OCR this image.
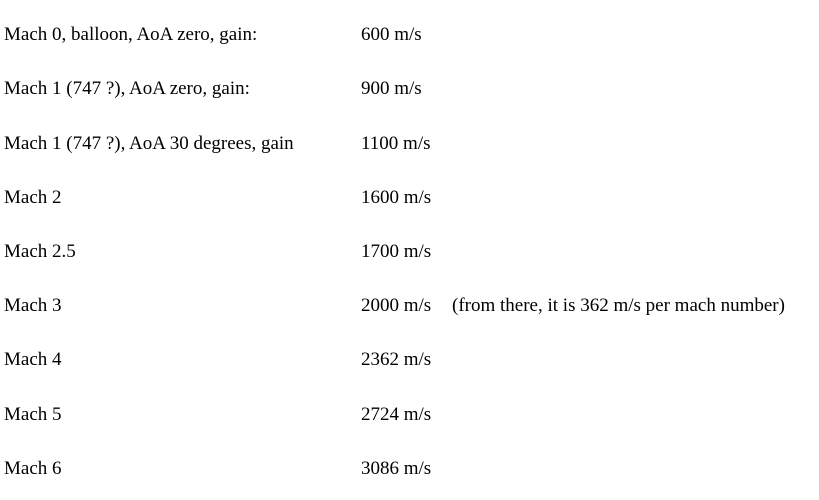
Mach 0, balloon, AoA zero, gain:	600 m/s
Mach 1 (747 ?), AoA zero, gain:	900 m/s
Mach 1 (747 ?), AoA 30 degrees, gain	1100 m/s
Mach 2	1600 m/s
Mach 2.5	1700 m/s
Mach 3	2000 m/s (from there, it is 362 m/s per mach number)
Mach 4	2362 m/s
Mach 5	2724 m/s
Mach 6	3086 m/s
